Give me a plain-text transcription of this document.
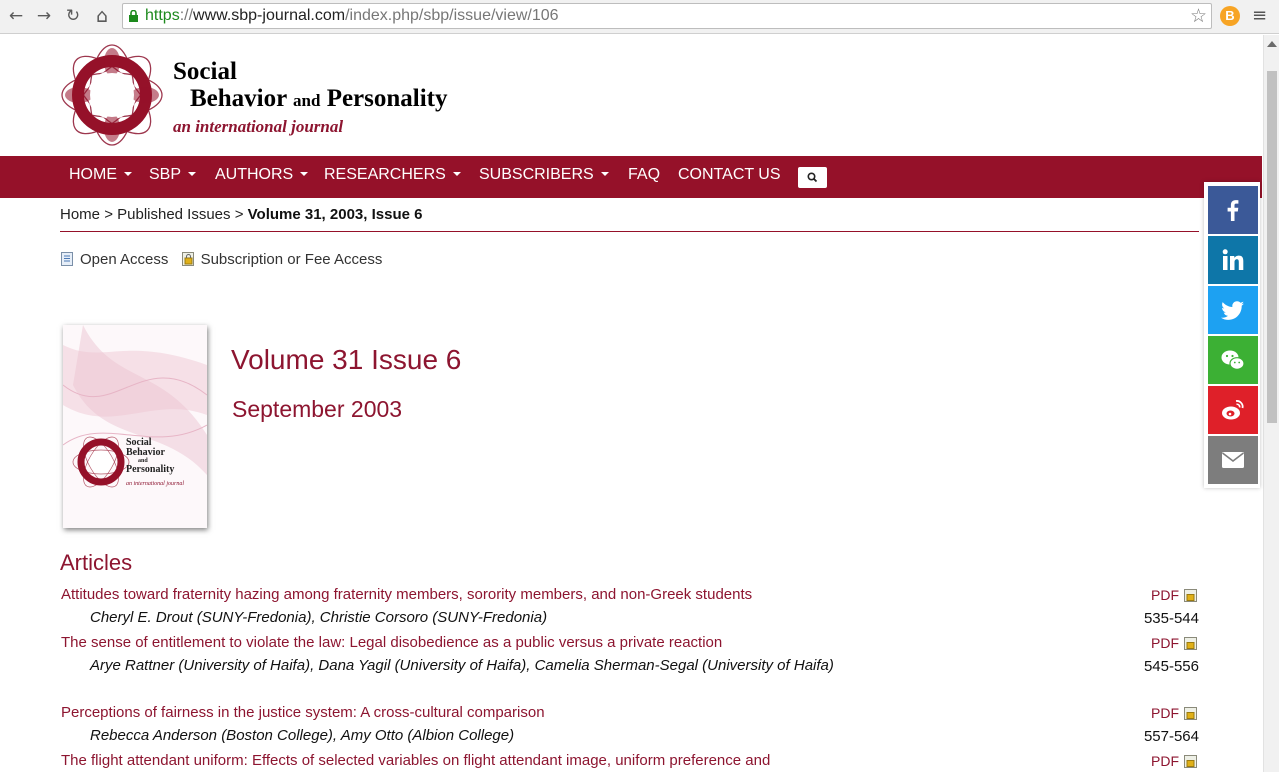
← → ↻ ⌂ https://www.sbp-journal.com/index.php/sbp/issue/view/106	☆	B ≡
Social
Behavior and Personality
an international journal
HOME	SBP	AUTHORS	RESEARCHERS	SUBSCRIBERS	FAQ CONTACT US
Home > Published Issues > Volume 31, 2003, Issue 6
Open Access Subscription or Fee Access
Social
Behavior
and
Personality
an international journal
Volume 31 Issue 6
September 2003
Articles
Attitudes toward fraternity hazing among fraternity members, sorority members, and non-Greek students	PDF
Cheryl E. Drout (SUNY-Fredonia), Christie Corsoro (SUNY-Fredonia)	535-544
The sense of entitlement to violate the law: Legal disobedience as a public versus a private reaction	PDF
Arye Rattner (University of Haifa), Dana Yagil (University of Haifa), Camelia Sherman-Segal (University of Haifa)	545-556
Perceptions of fairness in the justice system: A cross-cultural comparison	PDF
Rebecca Anderson (Boston College), Amy Otto (Albion College)	557-564
The flight attendant uniform: Effects of selected variables on flight attendant image, uniform preference and	PDF
